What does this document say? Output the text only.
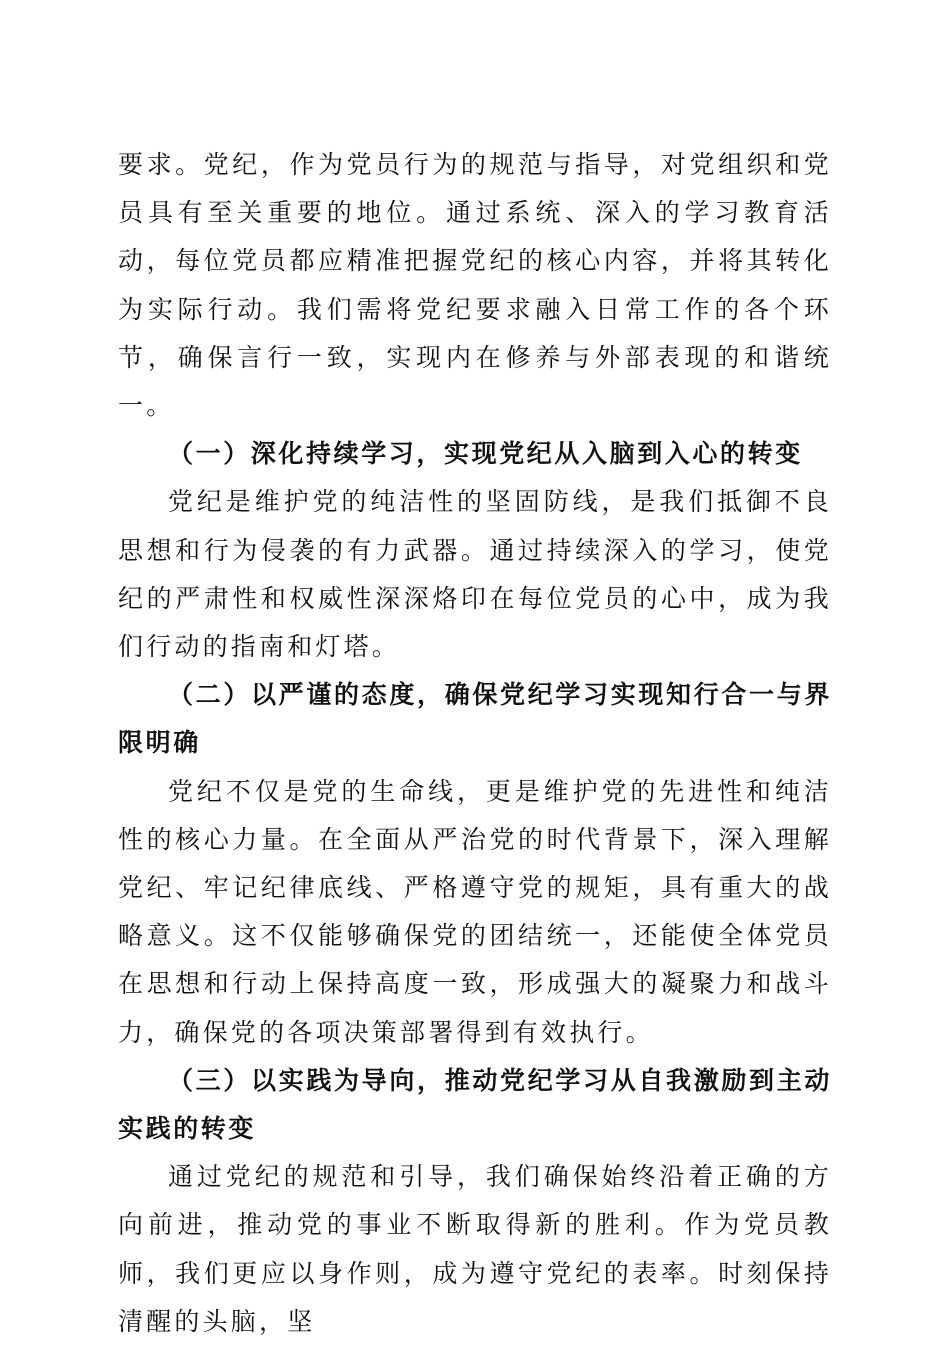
要求。党纪，作为党员行为的规范与指导，对党组织和党员具有至关重要的地位。通过系统、深入的学习教育活动，每位党员都应精准把握党纪的核心内容，并将其转化为实际行动。我们需将党纪要求融入日常工作的各个环节，确保言行一致，实现内在修养与外部表现的和谐统一。

（一）深化持续学习，实现党纪从入脑到入心的转变

党纪是维护党的纯洁性的坚固防线，是我们抵御不良思想和行为侵袭的有力武器。通过持续深入的学习，使党纪的严肃性和权威性深深烙印在每位党员的心中，成为我们行动的指南和灯塔。

（二）以严谨的态度，确保党纪学习实现知行合一与界限明确

党纪不仅是党的生命线，更是维护党的先进性和纯洁性的核心力量。在全面从严治党的时代背景下，深入理解党纪、牢记纪律底线、严格遵守党的规矩，具有重大的战略意义。这不仅能够确保党的团结统一，还能使全体党员在思想和行动上保持高度一致，形成强大的凝聚力和战斗力，确保党的各项决策部署得到有效执行。

（三）以实践为导向，推动党纪学习从自我激励到主动实践的转变

通过党纪的规范和引导，我们确保始终沿着正确的方向前进，推动党的事业不断取得新的胜利。作为党员教师，我们更应以身作则，成为遵守党纪的表率。时刻保持清醒的头脑，坚
